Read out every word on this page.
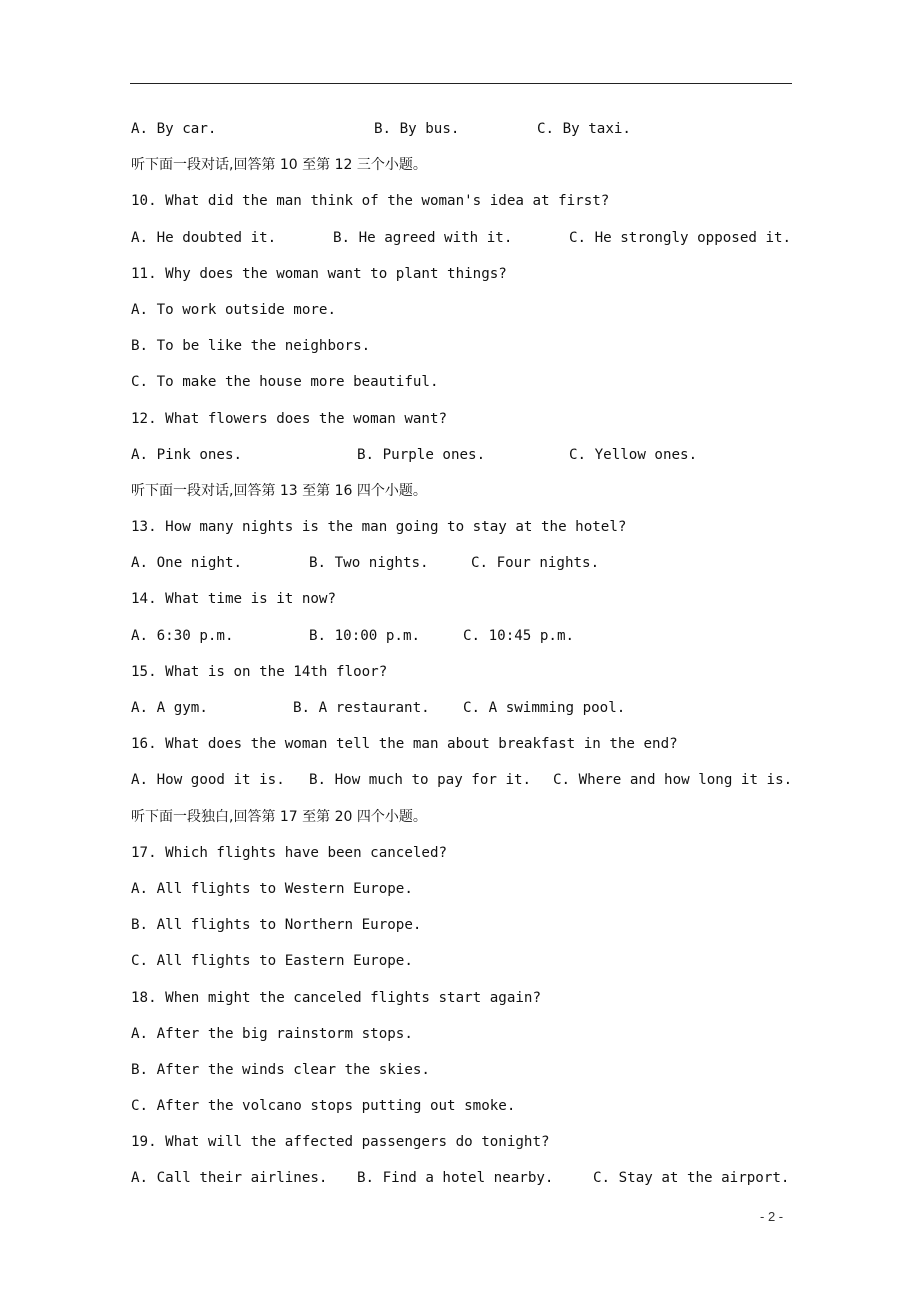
A. By car.

	B. By bus.

	C. By taxi.

听下面一段对话,回答第 10 至第 12 三个小题。
10. What did the man think of the woman's idea at first?

A. He doubted it.

	B. He agreed with it.

	C. He strongly opposed it.

11. Why does the woman want to plant things?
A. To work outside more.
B. To be like the neighbors.
C. To make the house more beautiful.
12. What flowers does the woman want?

A. Pink ones.

	B. Purple ones.

	C. Yellow ones.

听下面一段对话,回答第 13 至第 16 四个小题。
13. How many nights is the man going to stay at the hotel?

A. One night.

	B. Two nights.

	C. Four nights.

14. What time is it now?

A. 6:30 p.m.

	B. 10:00 p.m.

	C. 10:45 p.m.

15. What is on the 14th floor?

A. A gym.

	B. A restaurant.

C. A swimming pool.

16. What does the woman tell the man about breakfast in the end?

A. How good it is.

B. How much to pay for it.

C. Where and how long it is.

听下面一段独白,回答第 17 至第 20 四个小题。
17. Which flights have been canceled?
A. All flights to Western Europe.
B. All flights to Northern Europe.
C. All flights to Eastern Europe.
18. When might the canceled flights start again?
A. After the big rainstorm stops.
B. After the winds clear the skies.
C. After the volcano stops putting out smoke.
19. What will the affected passengers do tonight?

A. Call their airlines.

B. Find a hotel nearby.

	C. Stay at the airport.

- 2 -
